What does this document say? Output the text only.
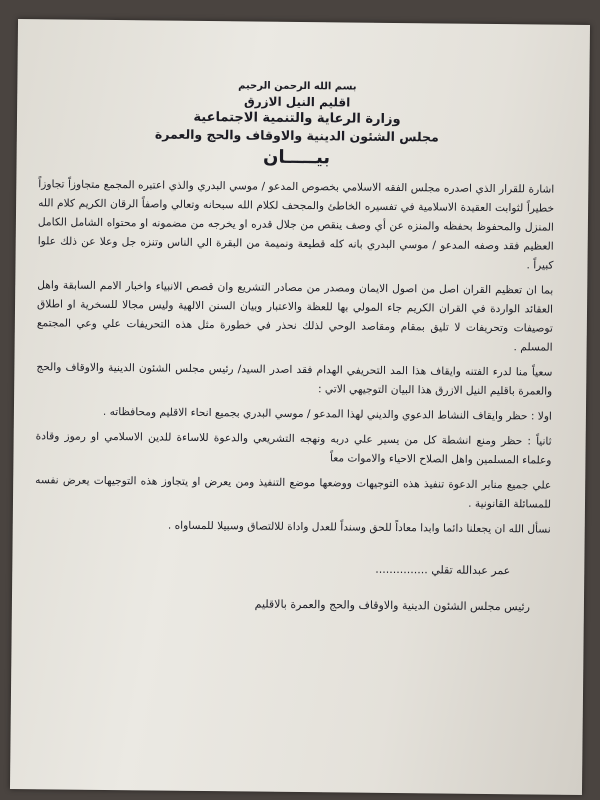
بسم الله الرحمن الرحيم
اقليم النيل الازرق
وزارة الرعاية والتنمية الاجتماعية
مجلس الشئون الدينية والاوقاف والحج والعمرة
بيـــــان

اشارة للقرار الذي اصدره مجلس الفقه الاسلامي بخصوص المدعو / موسي البدري والذي اعتبره المجمع متجاوزاً تجاوزاً خطيراً لثوابت العقيدة الاسلامية في تفسيره الخاطئ والمجحف لكلام الله سبحانه وتعالي واصفاً الرقان الكريم كلام الله المنزل والمحفوظ بحفظه والمنزه عن أي وصف ينقص من جلال قدره او يخرجه من مضمونه او محتواه الشامل الكامل العظيم فقد وصفه المدعو / موسي البدري بانه كله قطيعة ونميمة من البقرة الي الناس وتنزه جل وعلا عن ذلك علوا كبيراً .

بما ان تعظيم القران اصل من اصول الايمان ومصدر من مصادر التشريع وان قصص الانبياء واخبار الامم السابقة واهل العقائد الواردة في القران الكريم جاء المولي بها للعظة والاعتبار وبيان السنن الالهية وليس مجالا للسخرية او اطلاق توصيفات وتحريفات لا تليق بمقام ومقاصد الوحي لذلك نحذر في خطورة مثل هذه التحريفات علي وعي المجتمع المسلم .

سعياً منا لدرء الفتنه وايقاف هذا المد التحريفي الهدام فقد اصدر السيد/ رئيس مجلس الشئون الدينية والاوقاف والحج والعمرة باقليم النيل الازرق هذا البيان التوجيهي الاتي :

اولا : حظر وايقاف النشاط الدعوي والديني لهذا المدعو / موسي البدري بجميع انحاء الاقليم ومحافظاته .

ثانياً : حظر ومنع انشطة كل من يسير علي دربه ونهجه التشريعي والدعوة للاساءة للدين الاسلامي او رموز وقادة وعلماء المسلمين واهل الصلاح الاحياء والاموات معاً

علي جميع منابر الدعوة تنفيذ هذه التوجيهات ووضعها موضع التنفيذ ومن يعرض او يتجاوز هذه التوجيهات يعرض نفسه للمسائلة القانونية .

نسأل الله ان يجعلنا دائما وابدا معاداً للحق وسنداً للعدل واداة للالتصاق وسبيلا للمساواه .

عمر عبدالله تقلي ...............
رئيس مجلس الشئون الدينية والاوقاف والحج والعمرة بالاقليم
